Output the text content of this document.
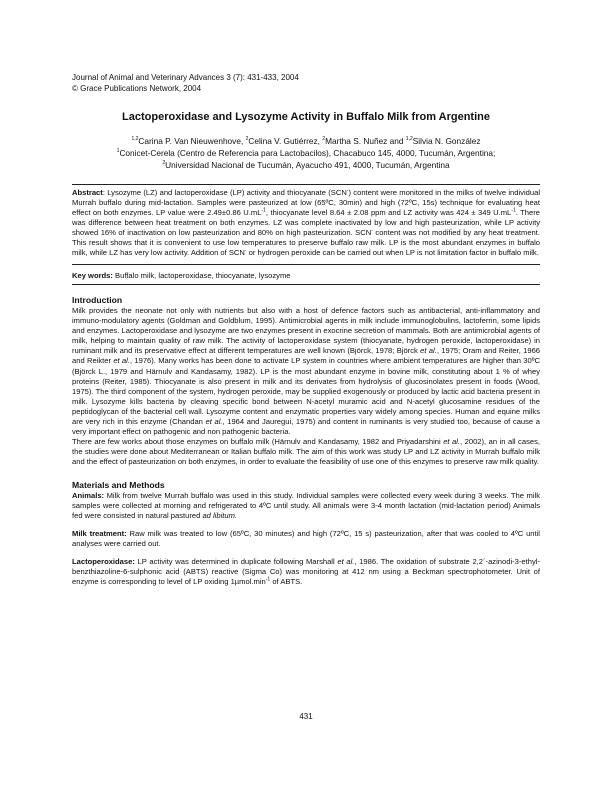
Journal of Animal and Veterinary Advances 3 (7): 431-433, 2004
© Grace Publications Network, 2004
Lactoperoxidase and Lysozyme Activity in Buffalo Milk from Argentine
$^{1,2}$Carina P. Van Nieuwenhove, $^2$Celina V. Gutiérrez, $^2$Martha S. Nuñez and $^{1,2}$Silvia N. González
$^1$Conicet-Cerela (Centro de Referencia para Lactobacilos), Chacabuco 145, 4000, Tucumán, Argentina;
$^2$Universidad Nacional de Tucumán, Ayacucho 491, 4000, Tucumán, Argentina
Abstract: Lysozyme (LZ) and lactoperoxidase (LP) activity and thiocyanate (SCN-) content were monitored in the milks of twelve individual Murrah buffalo during mid-lactation. Samples were pasteurized at low (65ºC, 30min) and high (72ºC, 15s) technique for evaluating heat effect on both enzymes. LP value were 2.49±0.86 $U.mL^{-1}$, thiocyanate level 8.64 ± 2.08 ppm and LZ activity was 424 ± 349 $U.mL^{-1}$. There was difference between heat treatment on both enzymes. LZ was complete inactivated by low and high pasteurization, while LP activity showed 16% of inactivation on low pasteurization and 80% on high pasteurization. SCN- content was not modified by any heat treatment. This result shows that it is convenient to use low temperatures to preserve buffalo raw milk. LP is the most abundant enzymes in buffalo milk, while LZ has very low activity. Addition of SCN- or hydrogen peroxide can be carried out when LP is not limitation factor in buffalo milk.
Key words: Buffalo milk, lactoperoxidase, thiocyanate, lysozyme
Introduction

Milk provides the neonate not only with nutrients but also with a host of defence factors such as antibacterial, anti-inflammatory and immuno-modulatory agents (Goldman and Goldblum, 1995). Antimicrobial agents in milk include immunoglobulins, lactoferrin, some lipids and enzymes. Lactoperoxidase and lysozyme are two enzymes present in exocrine secretion of mammals. Both are antimicrobial agents of milk, helping to maintain quality of raw milk. The activity of lactoperoxidase system (thiocyanate, hydrogen peroxide, lactoperoxidase) in ruminant milk and its preservative effect at different temperatures are well known (Björck, 1978; Björck et al., 1975; Oram and Reiter, 1966 and Reikter et al., 1976). Many works has been done to activate LP system in countries where ambient temperatures are higher than 30ºC (Björck L., 1979 and Härnulv and Kandasamy, 1982). LP is the most abundant enzyme in bovine milk, constituting about 1 % of whey proteins (Reiter, 1985). Thiocyanate is also present in milk and its derivates from hydrolysis of glucosinolates present in foods (Wood, 1975). The third component of the system, hydrogen peroxide, may be supplied exogenously or produced by lactic acid bacteria present in milk. Lysozyme kills bacteria by cleaving specific bond between N-acetyl muramic acid and N-acetyl glucosamine residues of the peptidoglycan of the bacterial cell wall. Lysozyme content and enzymatic properties vary widely among species. Human and equine milks are very rich in this enzyme (Chandan et al., 1964 and Jauregui, 1975) and content in ruminants is very studied too, because of cause a very important effect on pathogenic and non pathogenic bacteria.

There are few works about those enzymes on buffalo milk (Härnulv and Kandasamy, 1982 and Priyadarshini et al., 2002), an in all cases, the studies were done about Mediterranean or Italian buffalo milk. The aim of this work was study LP and LZ activity in Murrah buffalo milk and the effect of pasteurization on both enzymes, in order to evaluate the feasibility of use one of this enzymes to preserve raw milk quality.

Materials and Methods

Animals: Milk from twelve Murrah buffalo was used in this study. Individual samples were collected every week during 3 weeks. The milk samples were collected at morning and refrigerated to 4ºC until study. All animals were 3-4 month lactation (mid-lactation period) Animals fed were consisted in natural pastured ad libitum.

Milk treatment: Raw milk was treated to low (65ºC, 30 minutes) and high (72ºC, 15 s) pasteurization, after that was cooled to 4ºC until analyses were carried out.

Lactoperoxidase: LP activity was determined in duplicate following Marshall et al., 1986. The oxidation of substrate 2,2´-azinodi-3-ethyl-benzthiazoline-6-sulphonic acid (ABTS) reactive (Sigma Co) was monitoring at 412 nm using a Beckman spectrophotometer. Unit of enzyme is corresponding to level of LP oxiding $1\mu mol.\min^{-1}$ of ABTS.

431
